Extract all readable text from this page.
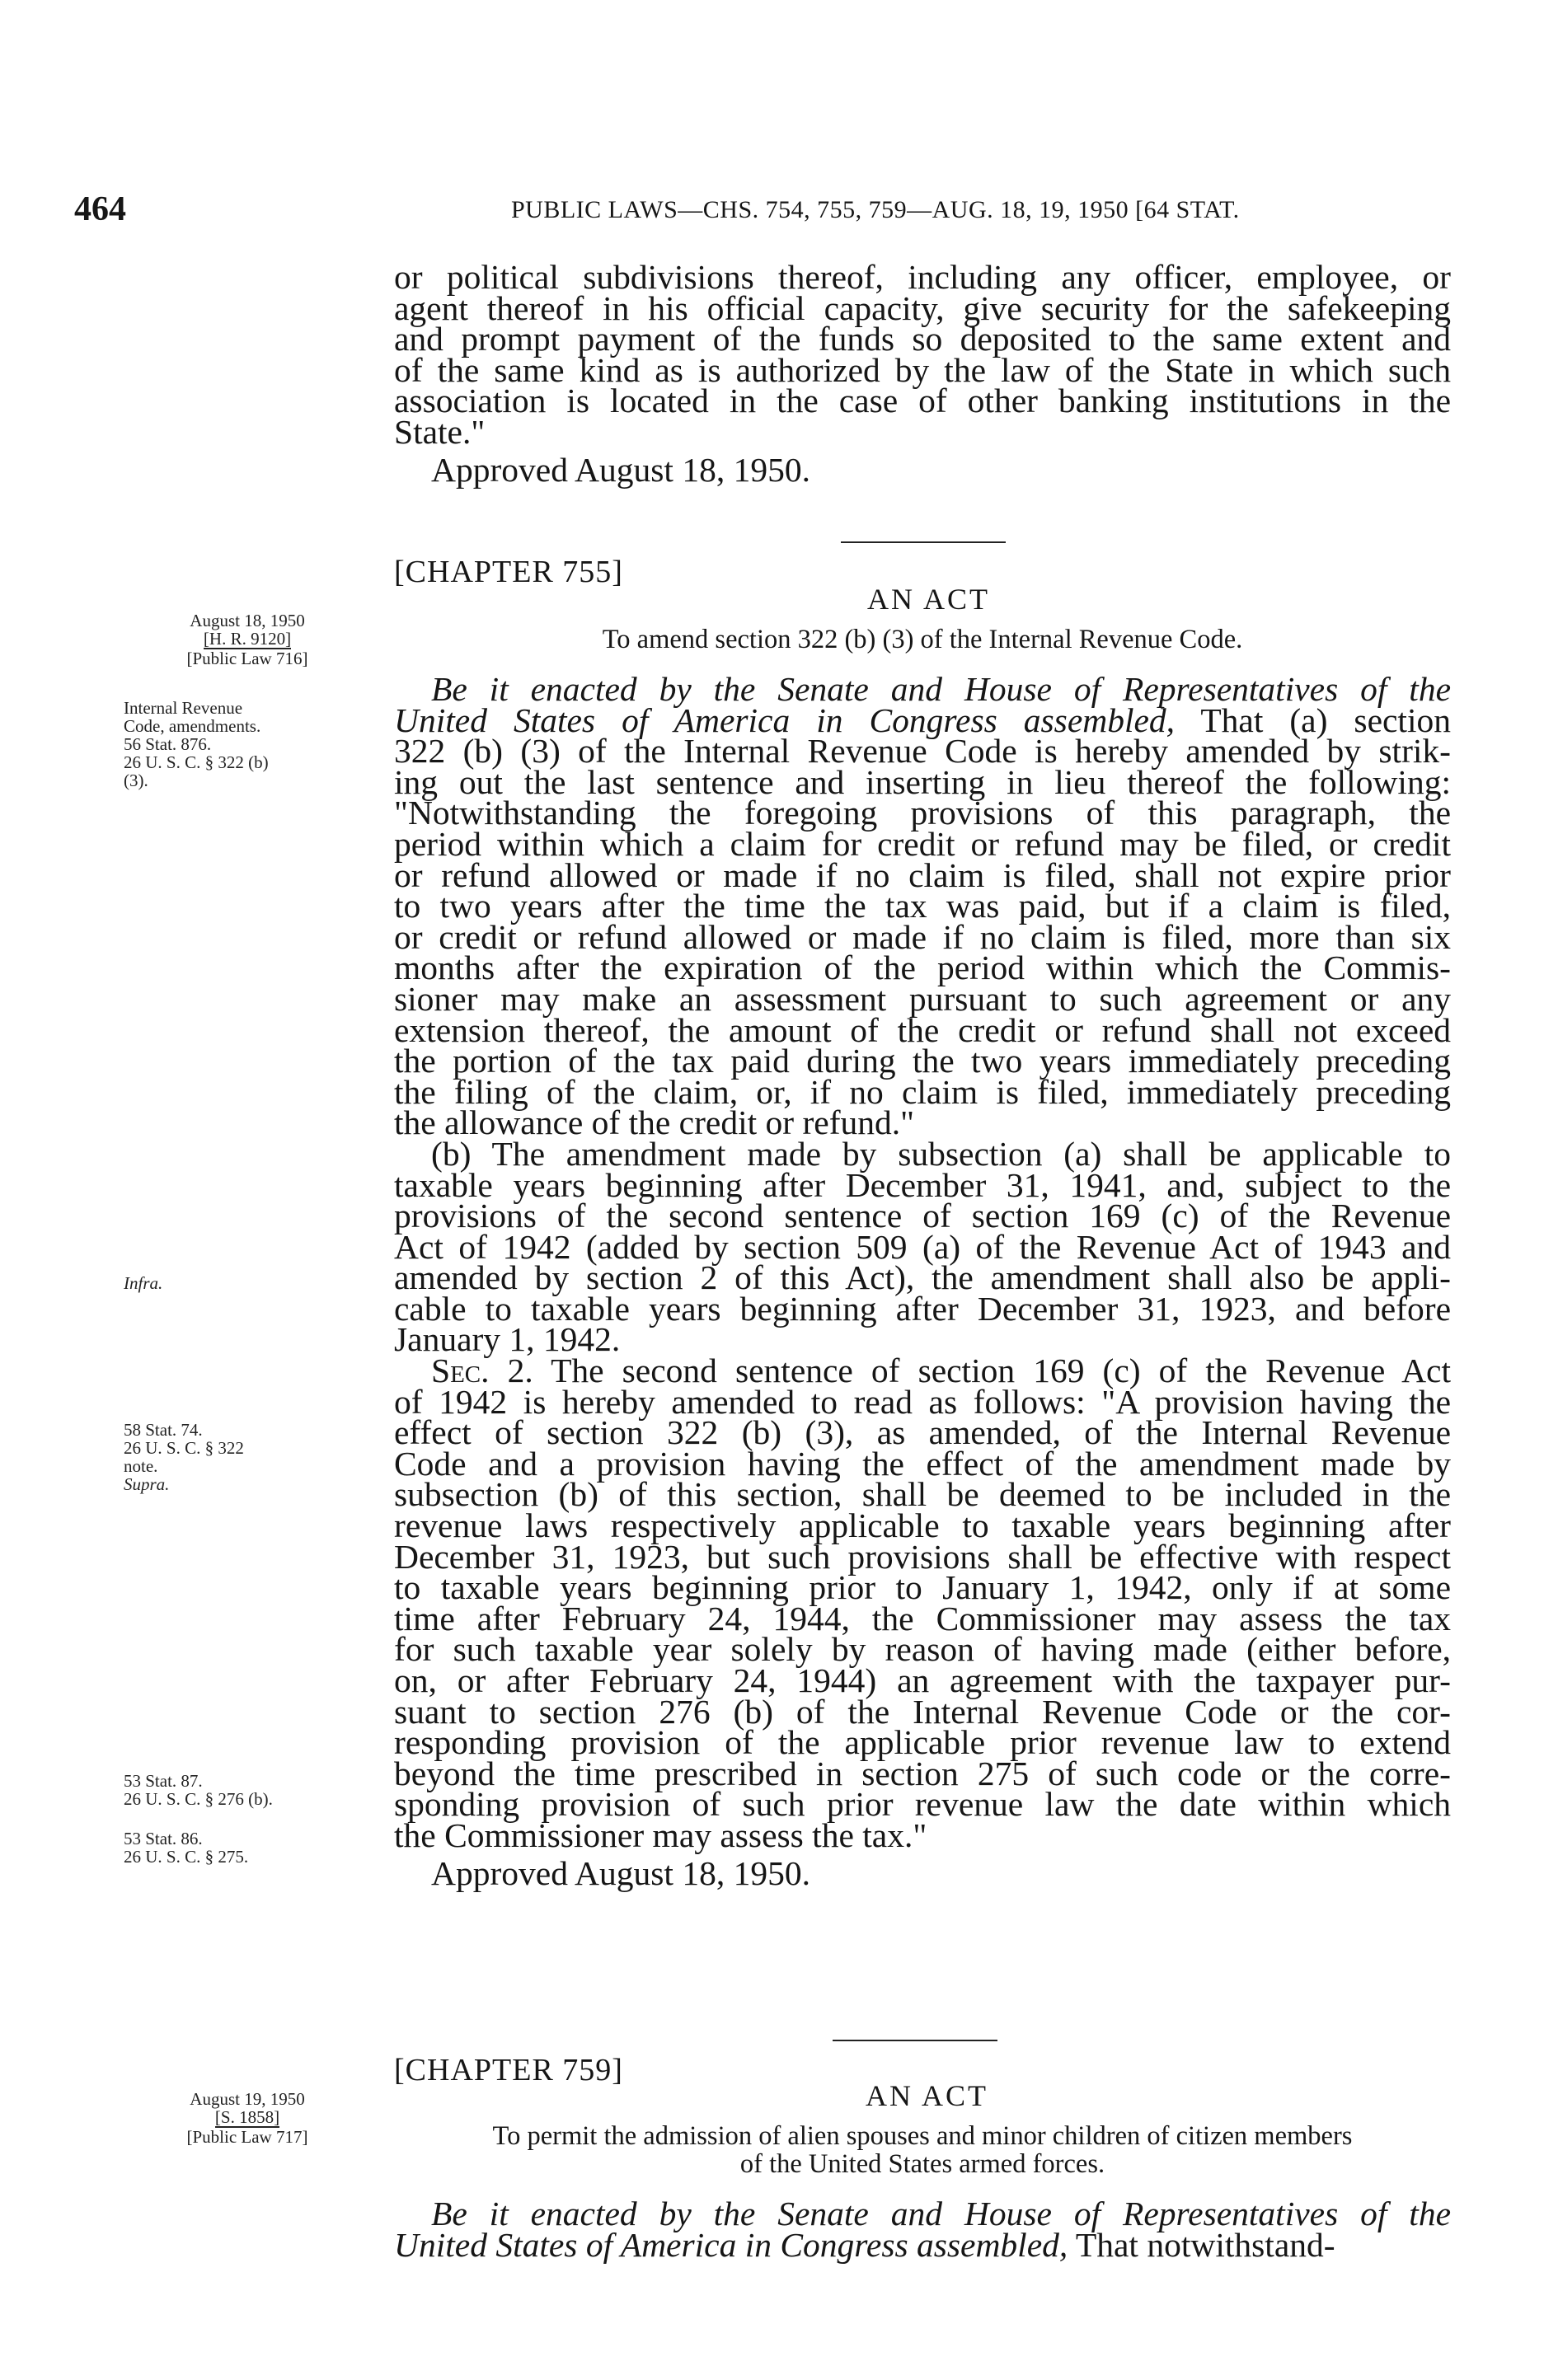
464	PUBLIC LAWS—CHS. 754, 755, 759—AUG. 18, 19, 1950 [64 STAT.

or political subdivisions thereof, including any officer, employee, or

agent thereof in his official capacity, give security for the safekeeping

and prompt payment of the funds so deposited to the same extent and

of the same kind as is authorized by the law of the State in which such

association is located in the case of other banking institutions in the

State."

Approved August 18, 1950.

[CHAPTER 755]
AN ACT
To amend section 322 (b) (3) of the Internal Revenue Code.
August 18, 1950
[H. R. 9120]
[Public Law 716]
Internal Revenue
Code, amendments.
56 Stat. 876.
26 U. S. C. § 322 (b)
(3).
Infra.
58 Stat. 74.
26 U. S. C. § 322
note.
Supra.
53 Stat. 87.
26 U. S. C. § 276 (b).
53 Stat. 86.
26 U. S. C. § 275.

Be it enacted by the Senate and House of Representatives of the

United States of America in Congress assembled, That (a) section

322 (b) (3) of the Internal Revenue Code is hereby amended by strik-

ing out the last sentence and inserting in lieu thereof the following:

"Notwithstanding the foregoing provisions of this paragraph, the

period within which a claim for credit or refund may be filed, or credit

or refund allowed or made if no claim is filed, shall not expire prior

to two years after the time the tax was paid, but if a claim is filed,

or credit or refund allowed or made if no claim is filed, more than six

months after the expiration of the period within which the Commis-

sioner may make an assessment pursuant to such agreement or any

extension thereof, the amount of the credit or refund shall not exceed

the portion of the tax paid during the two years immediately preceding

the filing of the claim, or, if no claim is filed, immediately preceding

the allowance of the credit or refund."

(b) The amendment made by subsection (a) shall be applicable to

taxable years beginning after December 31, 1941, and, subject to the

provisions of the second sentence of section 169 (c) of the Revenue

Act of 1942 (added by section 509 (a) of the Revenue Act of 1943 and

amended by section 2 of this Act), the amendment shall also be appli-

cable to taxable years beginning after December 31, 1923, and before

January 1, 1942.

Sec. 2. The second sentence of section 169 (c) of the Revenue Act

of 1942 is hereby amended to read as follows: "A provision having the

effect of section 322 (b) (3), as amended, of the Internal Revenue

Code and a provision having the effect of the amendment made by

subsection (b) of this section, shall be deemed to be included in the

revenue laws respectively applicable to taxable years beginning after

December 31, 1923, but such provisions shall be effective with respect

to taxable years beginning prior to January 1, 1942, only if at some

time after February 24, 1944, the Commissioner may assess the tax

for such taxable year solely by reason of having made (either before,

on, or after February 24, 1944) an agreement with the taxpayer pur-

suant to section 276 (b) of the Internal Revenue Code or the cor-

responding provision of the applicable prior revenue law to extend

beyond the time prescribed in section 275 of such code or the corre-

sponding provision of such prior revenue law the date within which

the Commissioner may assess the tax."

Approved August 18, 1950.

[CHAPTER 759]
AN ACT
To permit the admission of alien spouses and minor children of citizen members
of the United States armed forces.
August 19, 1950
[S. 1858]
[Public Law 717]

Be it enacted by the Senate and House of Representatives of the

United States of America in Congress assembled, That notwithstand-
